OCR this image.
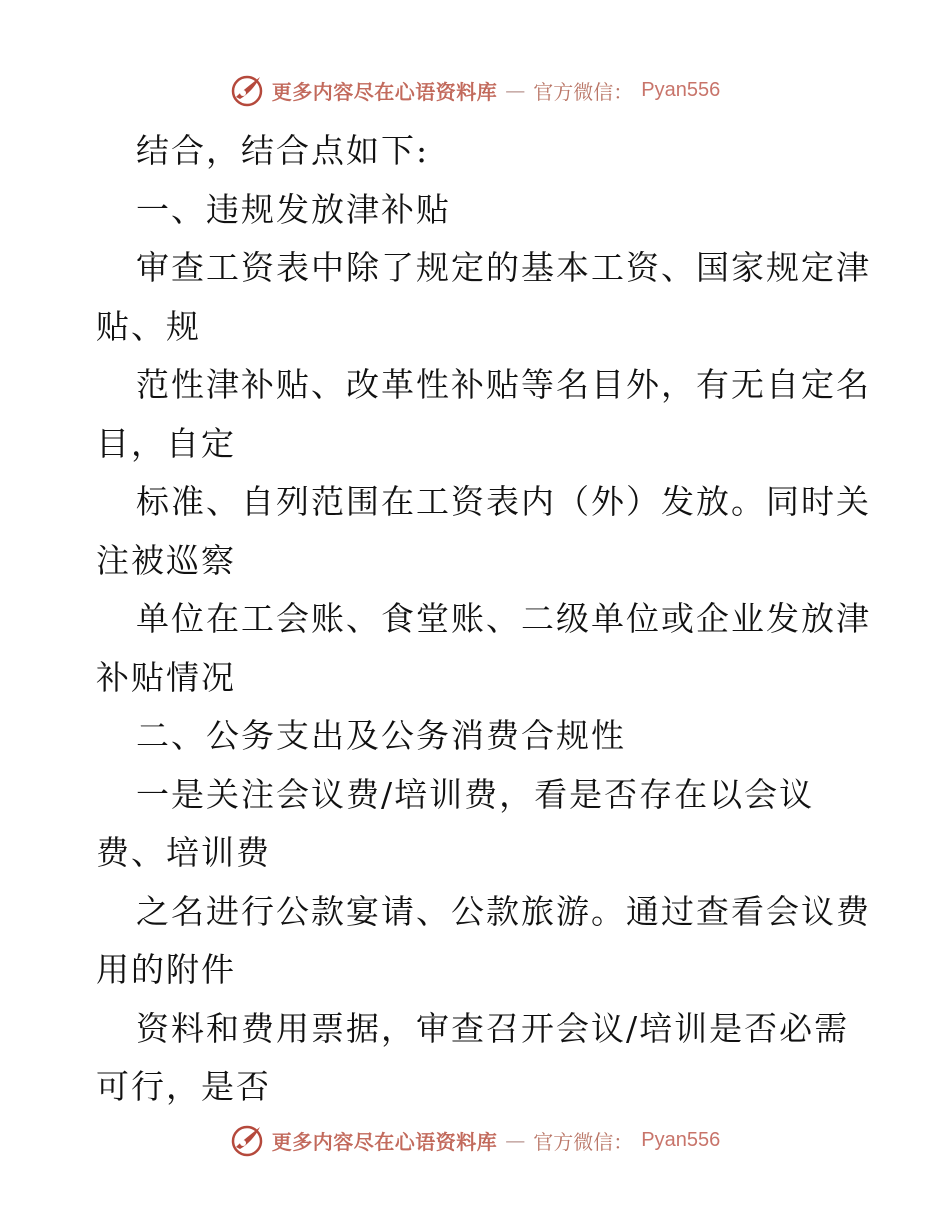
更多内容尽在心语资料库 — 官方微信： Pyan556
结合，结合点如下:
一、违规发放津补贴
审查工资表中除了规定的基本工资、国家规定津
贴、规
范性津补贴、改革性补贴等名目外，有无自定名
目，自定
标准、自列范围在工资表内（外）发放。同时关
注被巡察
单位在工会账、食堂账、二级单位或企业发放津
补贴情况
二、公务支出及公务消费合规性
一是关注会议费/培训费，看是否存在以会议
费、培训费
之名进行公款宴请、公款旅游。通过查看会议费
用的附件
资料和费用票据，审查召开会议/培训是否必需
可行，是否
更多内容尽在心语资料库 — 官方微信： Pyan556
